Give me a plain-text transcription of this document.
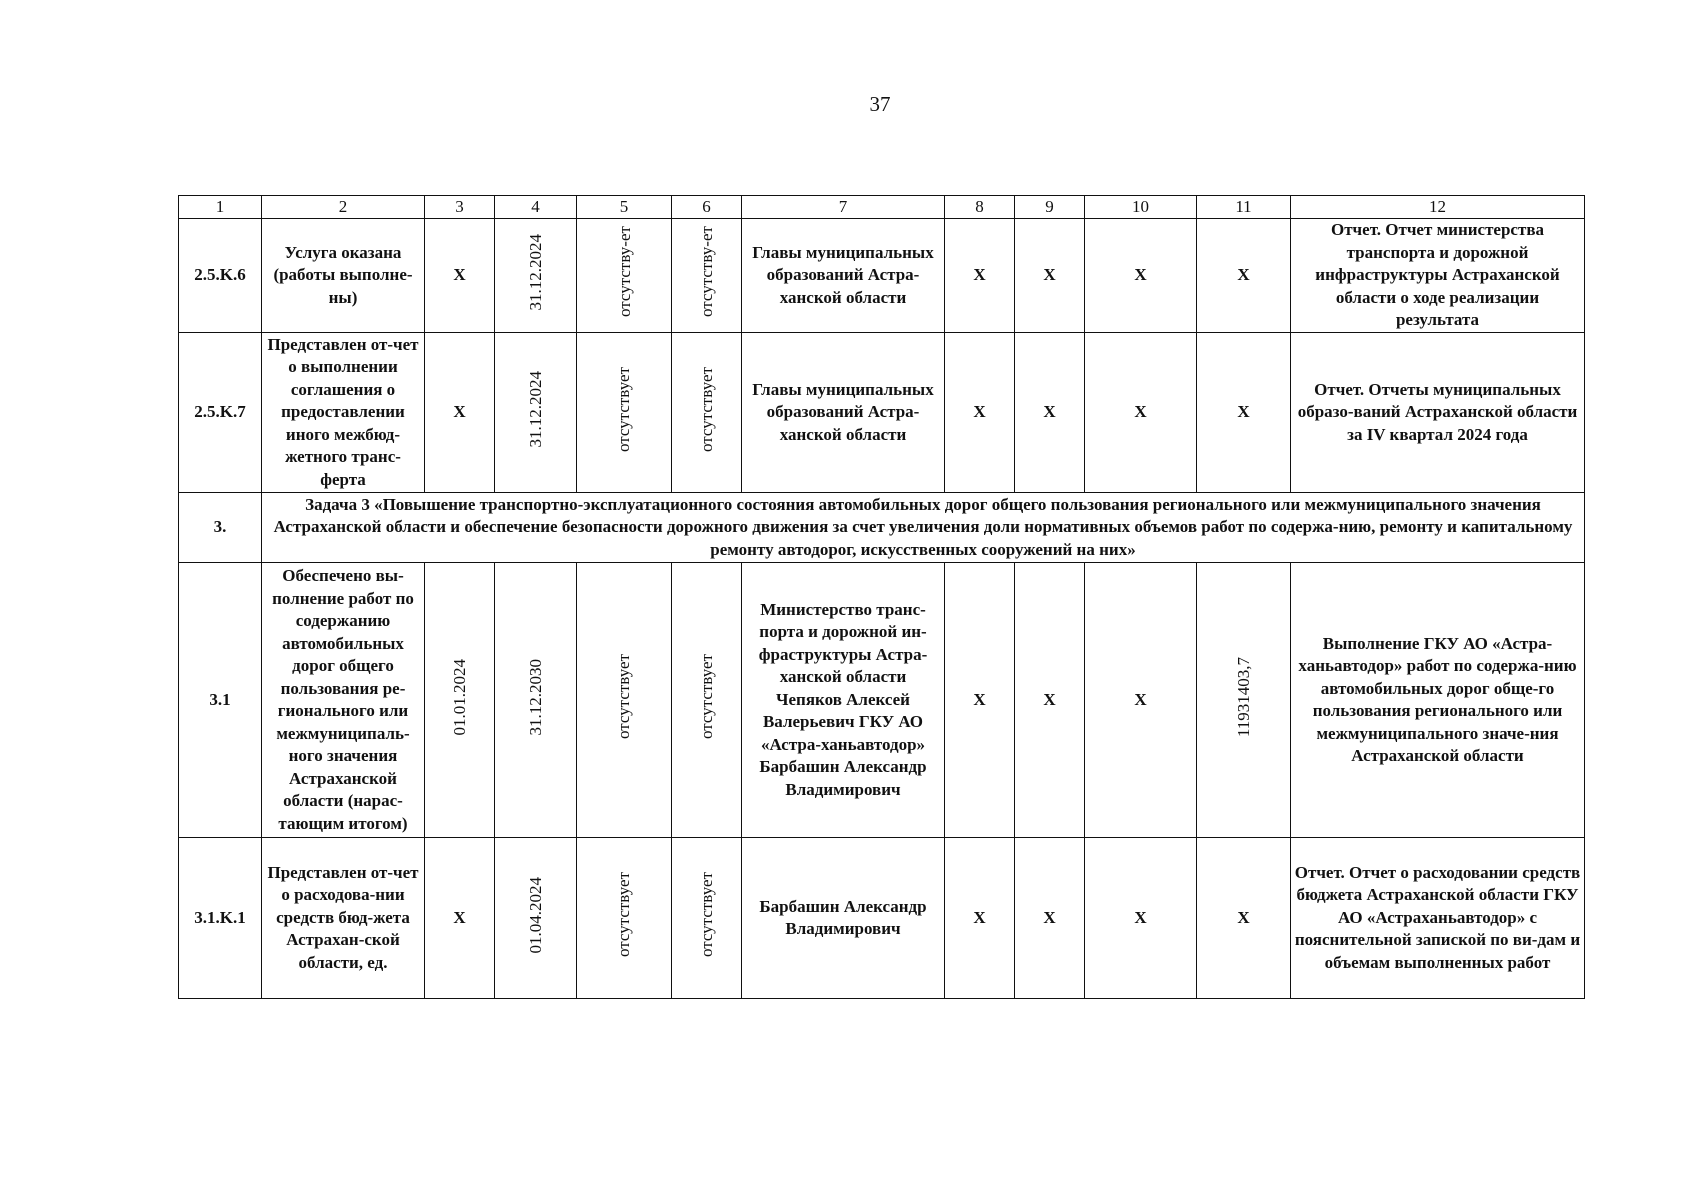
37
1	2	3	4	5	6	7	8	9	10	11	12
2.5.K.6	Услуга оказана (работы выполне-ны)	X	31.12.2024	отсутству-ет	отсутству-ет	Главы муниципальных образований Астра-ханской области	X	X	X	X	Отчет. Отчет министерства транспорта и дорожной инфраструктуры Астраханской области о ходе реализации результата
2.5.K.7	Представлен от-чет о выполнении соглашения о предоставлении иного межбюд-жетного транс-ферта	X	31.12.2024	отсутствует	отсутствует	Главы муниципальных образований Астра-ханской области	X	X	X	X	Отчет. Отчеты муниципальных образо-ваний Астраханской области за IV квартал 2024 года
3.	Задача 3 «Повышение транспортно-эксплуатационного состояния автомобильных дорог общего пользования регионального или межмуниципального значения Астраханской области и обеспечение безопасности дорожного движения за счет увеличения доли нормативных объемов работ по содержа-нию, ремонту и капитальному ремонту автодорог, искусственных сооружений на них»										
3.1	Обеспечено вы-полнение работ по содержанию автомобильных дорог общего пользования ре-гионального или межмуниципаль-ного значения Астраханской области (нарас-тающим итогом)	01.01.2024	31.12.2030	отсутствует	отсутствует	Министерство транс-порта и дорожной ин-фраструктуры Астра-ханской области Чепяков Алексей Валерьевич ГКУ АО «Астра-ханьавтодор» Барбашин Александр Владимирович	X	X	X	11931403,7	Выполнение ГКУ АО «Астра-ханьавтодор» работ по содержа-нию автомобильных дорог обще-го пользования регионального или межмуниципального значе-ния Астраханской области
3.1.K.1	Представлен от-чет о расходова-нии средств бюд-жета Астрахан-ской области, ед.	X	01.04.2024	отсутствует	отсутствует	Барбашин Александр Владимирович	X	X	X	X	Отчет. Отчет о расходовании средств бюджета Астраханской области ГКУ АО «Астраханьавтодор» с пояснительной запиской по ви-дам и объемам выполненных работ
